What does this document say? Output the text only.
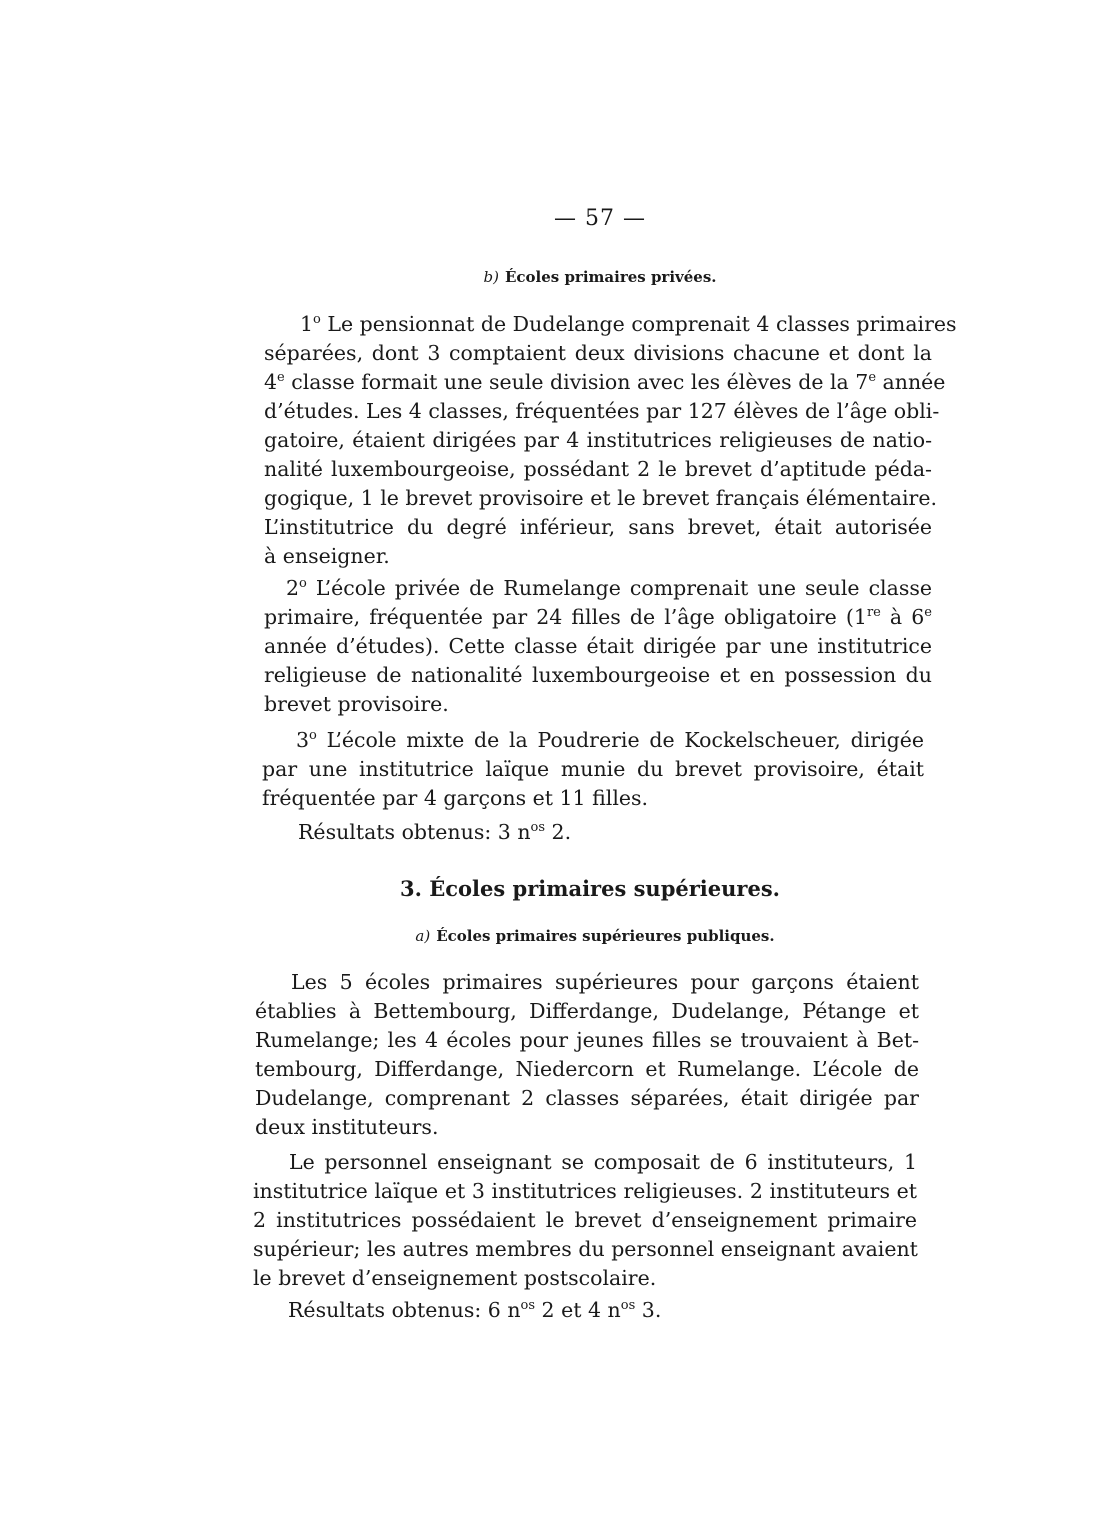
— 57 —
b) Écoles primaires privées.
1$^o$ Le pensionnat de Dudelange comprenait 4 classes primaires
séparées, dont 3 comptaient deux divisions chacune et dont la
4e classe formait une seule division avec les élèves de la 7e année
d’études. Les 4 classes, fréquentées par 127 élèves de l’âge obli-
gatoire, étaient dirigées par 4 institutrices religieuses de natio-
nalité luxembourgeoise, possédant 2 le brevet d’aptitude péda-
gogique, 1 le brevet provisoire et le brevet français élémentaire.
L’institutrice du degré inférieur, sans brevet, était autorisée
à enseigner.
2$^o$ L’école privée de Rumelange comprenait une seule classe
primaire, fréquentée par 24 filles de l’âge obligatoire (1re à 6e
année d’études). Cette classe était dirigée par une institutrice
religieuse de nationalité luxembourgeoise et en possession du
brevet provisoire.
3$^o$ L’école mixte de la Poudrerie de Kockelscheuer, dirigée
par une institutrice laïque munie du brevet provisoire, était
fréquentée par 4 garçons et 11 filles.
Résultats obtenus: 3 $n^{os}$ 2.
3. Écoles primaires supérieures.
a) Écoles primaires supérieures publiques.
Les 5 écoles primaires supérieures pour garçons étaient
établies à Bettembourg, Differdange, Dudelange, Pétange et
Rumelange; les 4 écoles pour jeunes filles se trouvaient à Bet-
tembourg, Differdange, Niedercorn et Rumelange. L’école de
Dudelange, comprenant 2 classes séparées, était dirigée par
deux instituteurs.
Le personnel enseignant se composait de 6 instituteurs, 1
institutrice laïque et 3 institutrices religieuses. 2 instituteurs et
2 institutrices possédaient le brevet d’enseignement primaire
supérieur; les autres membres du personnel enseignant avaient
le brevet d’enseignement postscolaire.
Résultats obtenus: 6 $n^{os}$ 2 et 4 $n^{os}$ 3.
